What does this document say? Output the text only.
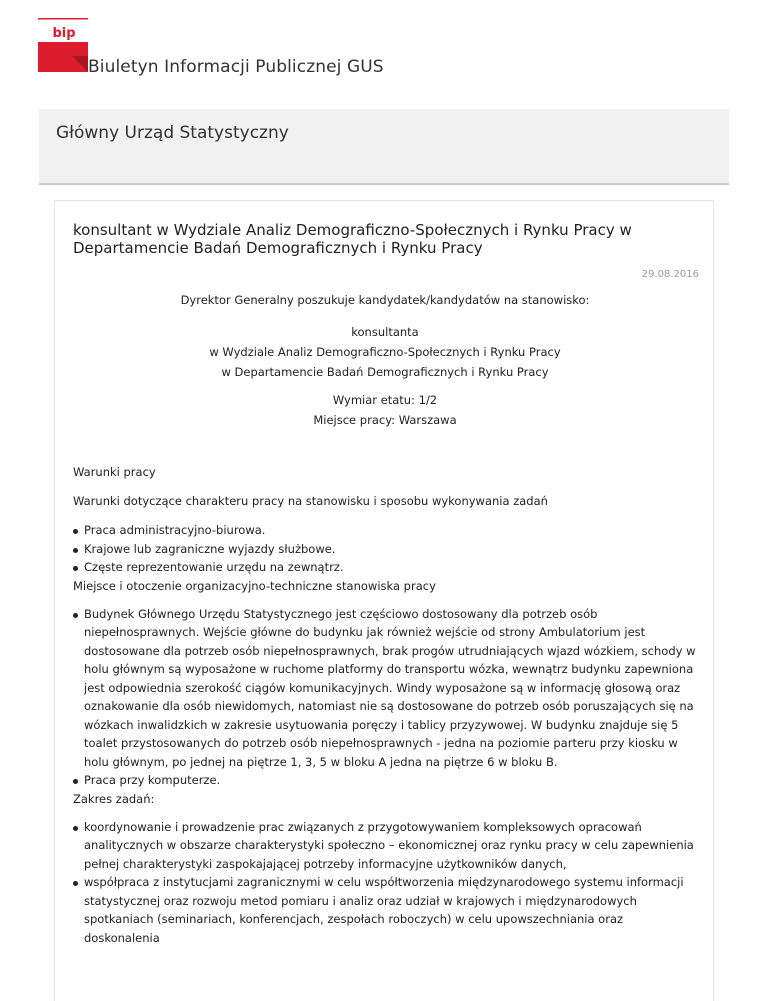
bip
Biuletyn Informacji Publicznej GUS
Główny Urząd Statystyczny
konsultant w Wydziale Analiz Demograficzno-Społecznych i Rynku Pracy w Departamencie Badań Demograficznych i Rynku Pracy
29.08.2016
Dyrektor Generalny poszukuje kandydatek/kandydatów na stanowisko:
konsultanta
w Wydziale Analiz Demograficzno-Społecznych i Rynku Pracy
w Departamencie Badań Demograficznych i Rynku Pracy
Wymiar etatu: 1/2
Miejsce pracy: Warszawa

Warunki pracy

Warunki dotyczące charakteru pracy na stanowisku i sposobu wykonywania zadań

Praca administracyjno-biurowa.
Krajowe lub zagraniczne wyjazdy służbowe.
Częste reprezentowanie urzędu na zewnątrz.

Miejsce i otoczenie organizacyjno-techniczne stanowiska pracy

Budynek Głównego Urzędu Statystycznego jest częściowo dostosowany dla potrzeb osób niepełnosprawnych. Wejście główne do budynku jak również wejście od strony Ambulatorium jest dostosowane dla potrzeb osób niepełnosprawnych, brak progów utrudniających wjazd wózkiem, schody w holu głównym są wyposażone w ruchome platformy do transportu wózka, wewnątrz budynku zapewniona jest odpowiednia szerokość ciągów komunikacyjnych. Windy wyposażone są w informację głosową oraz oznakowanie dla osób niewidomych, natomiast nie są dostosowane do potrzeb osób poruszających się na wózkach inwalidzkich w zakresie usytuowania poręczy i tablicy przyzywowej. W budynku znajduje się 5 toalet przystosowanych do potrzeb osób niepełnosprawnych - jedna na poziomie parteru przy kiosku w holu głównym, po jednej na piętrze 1, 3, 5 w bloku A jedna na piętrze 6 w bloku B.
Praca przy komputerze.

Zakres zadań:

koordynowanie i prowadzenie prac związanych z przygotowywaniem kompleksowych opracowań analitycznych w obszarze charakterystyki społeczno – ekonomicznej oraz rynku pracy w celu zapewnienia pełnej charakterystyki zaspokajającej potrzeby informacyjne użytkowników danych,
współpraca z instytucjami zagranicznymi w celu współtworzenia międzynarodowego systemu informacji statystycznej oraz rozwoju metod pomiaru i analiz oraz udział w krajowych i międzynarodowych spotkaniach (seminariach, konferencjach, zespołach roboczych) w celu upowszechniania oraz doskonalenia
